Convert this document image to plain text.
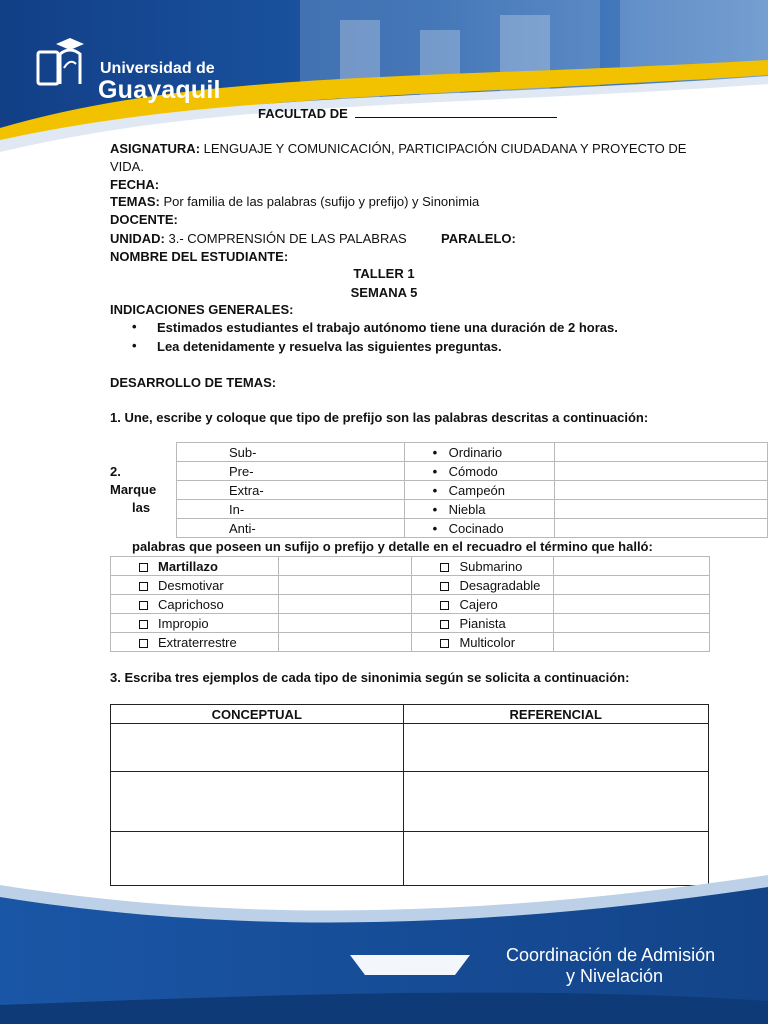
Universidad de
Guayaquil
FACULTAD DE
ASIGNATURA: LENGUAJE Y COMUNICACIÓN, PARTICIPACIÓN CIUDADANA Y PROYECTO DE
VIDA.
FECHA:
TEMAS: Por familia de las palabras (sufijo y prefijo) y Sinonimia
DOCENTE:
UNIDAD: 3.- COMPRENSIÓN DE LAS PALABRAS	PARALELO:
NOMBRE DEL ESTUDIANTE:
TALLER 1
SEMANA 5
INDICACIONES GENERALES:
• Estimados estudiantes el trabajo autónomo tiene una duración de 2 horas.
• Lea detenidamente y resuelva las siguientes preguntas.
DESARROLLO DE TEMAS:
1. Une, escribe y coloque que tipo de prefijo son las palabras descritas a continuación:
Sub-	• Ordinario	
Pre-	• Cómodo	
Extra-	• Campeón	
In-	• Niebla	
Anti-	• Cocinado	
2.
Marque
las
palabras que poseen un sufijo o prefijo y detalle en el recuadro el término que halló:
Martillazo		Submarino	
Desmotivar		Desagradable	
Caprichoso		Cajero	
Impropio		Pianista	
Extraterrestre		Multicolor	
3. Escriba tres ejemplos de cada tipo de sinonimia según se solicita a continuación:
CONCEPTUAL	REFERENCIAL

Coordinación de Admisión
y Nivelación
